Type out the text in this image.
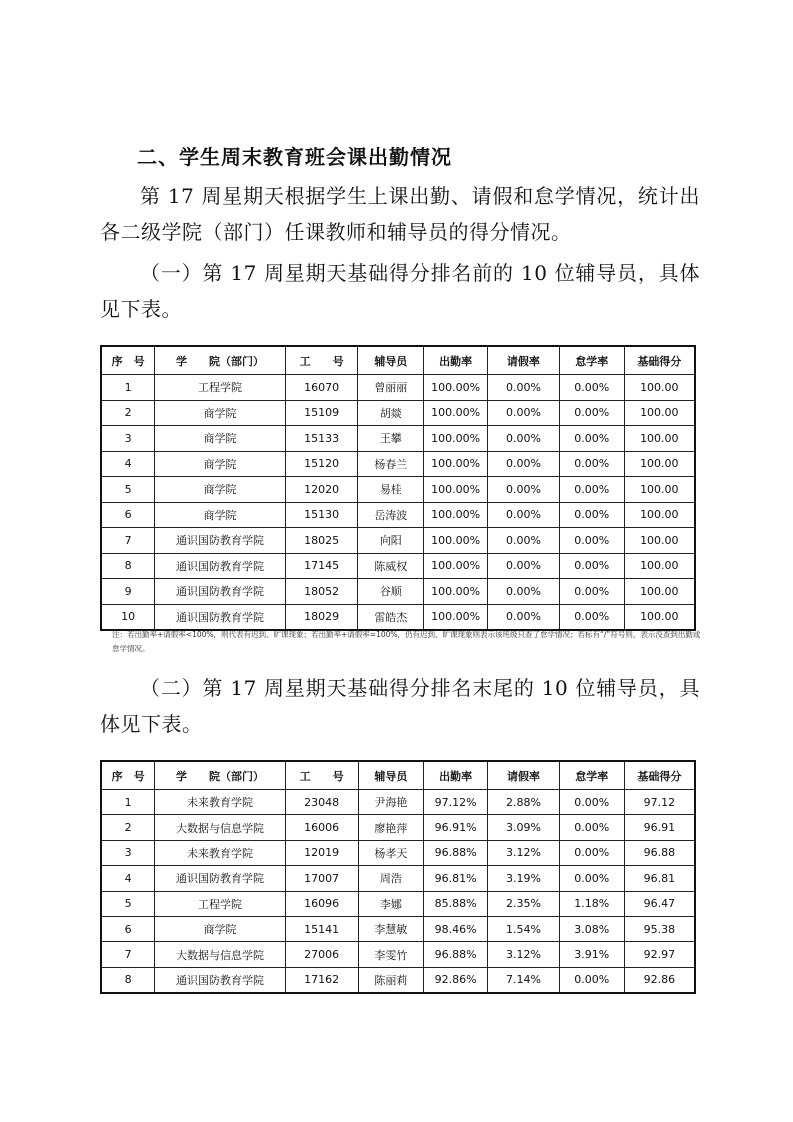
二、学生周末教育班会课出勤情况

第 17 周星期天根据学生上课出勤、请假和怠学情况，统计出各二级学院（部门）任课教师和辅导员的得分情况。

（一）第 17 周星期天基础得分排名前的 10 位辅导员，具体见下表。

序　号	学　　院（部门）	工　　号	辅导员	出勤率	请假率	怠学率	基础得分
1	工程学院	16070	曾丽丽	100.00%	0.00%	0.00%	100.00
2	商学院	15109	胡燚	100.00%	0.00%	0.00%	100.00
3	商学院	15133	王攀	100.00%	0.00%	0.00%	100.00
4	商学院	15120	杨春兰	100.00%	0.00%	0.00%	100.00
5	商学院	12020	易桂	100.00%	0.00%	0.00%	100.00
6	商学院	15130	岳涛波	100.00%	0.00%	0.00%	100.00
7	通识国防教育学院	18025	向阳	100.00%	0.00%	0.00%	100.00
8	通识国防教育学院	17145	陈威权	100.00%	0.00%	0.00%	100.00
9	通识国防教育学院	18052	谷顺	100.00%	0.00%	0.00%	100.00
10	通识国防教育学院	18029	雷皓杰	100.00%	0.00%	0.00%	100.00

注：若出勤率+请假率<100%，则代表有迟到、旷课现象；若出勤率+请假率=100%，仍有迟到、旷课现象则表示该班级只查了怠学情况；若标有“/”符号则，表示没查到出勤或怠学情况。

（二）第 17 周星期天基础得分排名末尾的 10 位辅导员，具体见下表。

序　号	学　　院（部门）	工　　号	辅导员	出勤率	请假率	怠学率	基础得分
1	未来教育学院	23048	尹海艳	97.12%	2.88%	0.00%	97.12
2	大数据与信息学院	16006	廖艳萍	96.91%	3.09%	0.00%	96.91
3	未来教育学院	12019	杨孝天	96.88%	3.12%	0.00%	96.88
4	通识国防教育学院	17007	周浩	96.81%	3.19%	0.00%	96.81
5	工程学院	16096	李娜	85.88%	2.35%	1.18%	96.47
6	商学院	15141	李慧敏	98.46%	1.54%	3.08%	95.38
7	大数据与信息学院	27006	李雯竹	96.88%	3.12%	3.91%	92.97
8	通识国防教育学院	17162	陈丽莉	92.86%	7.14%	0.00%	92.86
